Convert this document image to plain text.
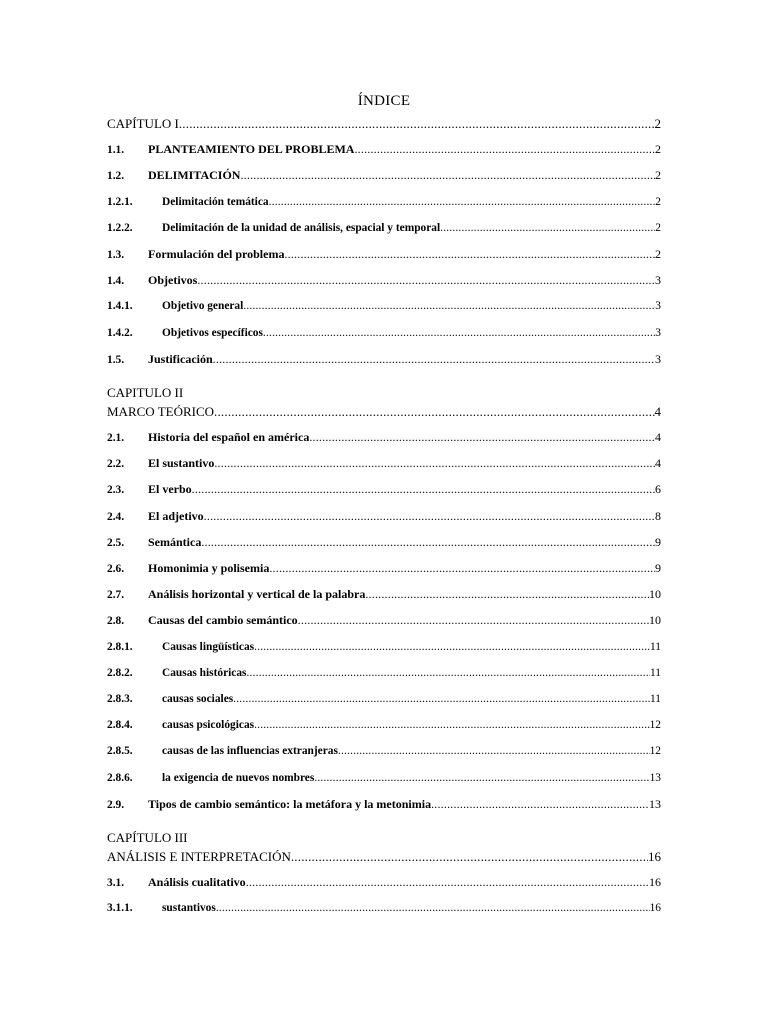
ÍNDICE
CAPÍTULO I .....	2
1.1.	PLANTEAMIENTO DEL PROBLEMA .....	2
1.2.	DELIMITACIÓN .....	2
1.2.1.	Delimitación temática .....	2
1.2.2.	Delimitación de la unidad de análisis, espacial y temporal .....	2
1.3.	Formulación del problema .....	2
1.4.	Objetivos .....	3
1.4.1.	Objetivo general .....	3
1.4.2.	Objetivos específicos .....	3
1.5.	Justificación .....	3
CAPITULO II
MARCO TEÓRICO .....	4
2.1.	Historia del español en américa .....	4
2.2.	El sustantivo .....	4
2.3.	El verbo .....	6
2.4.	El adjetivo .....	8
2.5.	Semántica .....	9
2.6.	Homonimia y polisemia .....	9
2.7.	Análisis horizontal y vertical de la palabra .....	10
2.8.	Causas del cambio semántico .....	10
2.8.1.	Causas lingüísticas .....	11
2.8.2.	Causas históricas .....	11
2.8.3.	causas sociales .....	11
2.8.4.	causas psicológicas .....	12
2.8.5.	causas de las influencias extranjeras .....	12
2.8.6.	la exigencia de nuevos nombres .....	13
2.9.	Tipos de cambio semántico: la metáfora y la metonimia .....	13
CAPÍTULO III
ANÁLISIS E INTERPRETACIÓN .....	16
3.1.	Análisis cualitativo .....	16
3.1.1.	sustantivos .....	16
